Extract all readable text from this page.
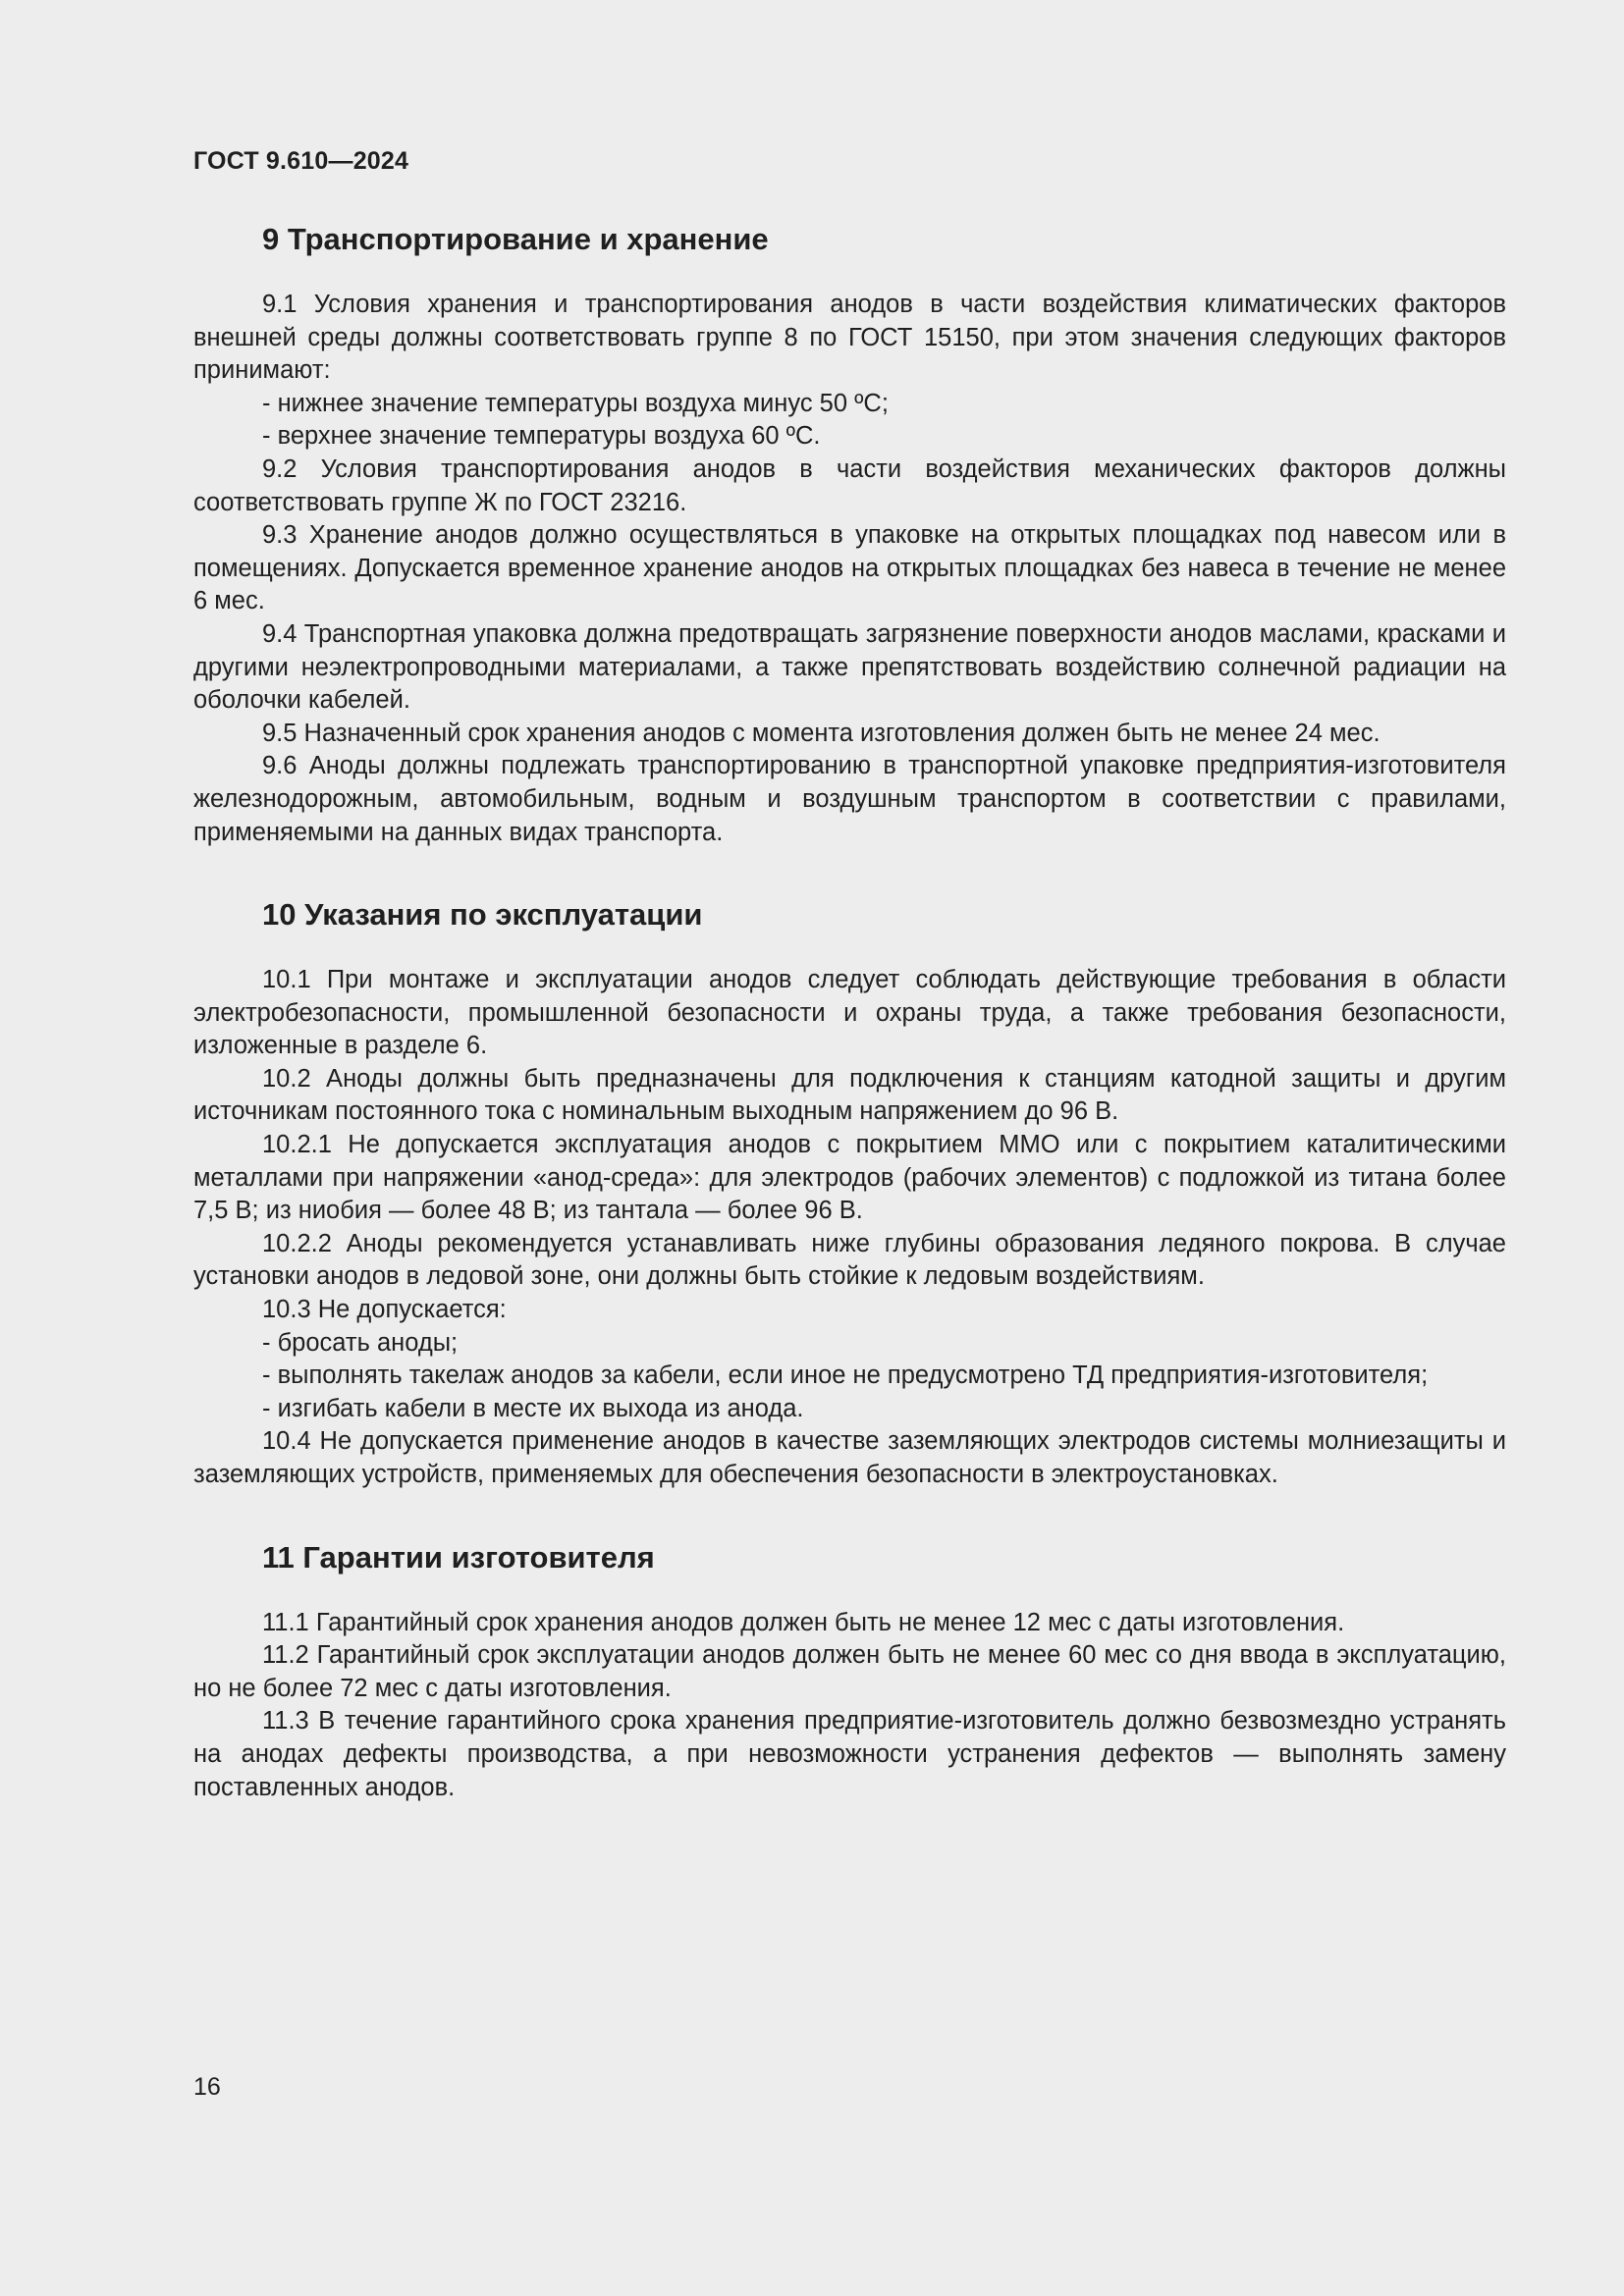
ГОСТ 9.610—2024
9 Транспортирование и хранение

9.1 Условия хранения и транспортирования анодов в части воздействия климатических факторов внешней среды должны соответствовать группе 8 по ГОСТ 15150, при этом значения следующих факторов принимают:

- нижнее значение температуры воздуха минус 50 ºС;

- верхнее значение температуры воздуха 60 ºС.

9.2 Условия транспортирования анодов в части воздействия механических факторов должны соответствовать группе Ж по ГОСТ 23216.

9.3 Хранение анодов должно осуществляться в упаковке на открытых площадках под навесом или в помещениях. Допускается временное хранение анодов на открытых площадках без навеса в течение не менее 6 мес.

9.4 Транспортная упаковка должна предотвращать загрязнение поверхности анодов маслами, красками и другими неэлектропроводными материалами, а также препятствовать воздействию солнечной радиации на оболочки кабелей.

9.5 Назначенный срок хранения анодов с момента изготовления должен быть не менее 24 мес.

9.6 Аноды должны подлежать транспортированию в транспортной упаковке предприятия-изготовителя железнодорожным, автомобильным, водным и воздушным транспортом в соответствии с правилами, применяемыми на данных видах транспорта.

10 Указания по эксплуатации

10.1 При монтаже и эксплуатации анодов следует соблюдать действующие требования в области электробезопасности, промышленной безопасности и охраны труда, а также требования безопасности, изложенные в разделе 6.

10.2 Аноды должны быть предназначены для подключения к станциям катодной защиты и другим источникам постоянного тока с номинальным выходным напряжением до 96 В.

10.2.1 Не допускается эксплуатация анодов с покрытием ММО или с покрытием каталитическими металлами при напряжении «анод-среда»: для электродов (рабочих элементов) с подложкой из титана более 7,5 В; из ниобия — более 48 В; из тантала — более 96 В.

10.2.2 Аноды рекомендуется устанавливать ниже глубины образования ледяного покрова. В случае установки анодов в ледовой зоне, они должны быть стойкие к ледовым воздействиям.

10.3 Не допускается:

- бросать аноды;

- выполнять такелаж анодов за кабели, если иное не предусмотрено ТД предприятия-изготовителя;

- изгибать кабели в месте их выхода из анода.

10.4 Не допускается применение анодов в качестве заземляющих электродов системы молниезащиты и заземляющих устройств, применяемых для обеспечения безопасности в электроустановках.

11 Гарантии изготовителя

11.1 Гарантийный срок хранения анодов должен быть не менее 12 мес с даты изготовления.

11.2 Гарантийный срок эксплуатации анодов должен быть не менее 60 мес со дня ввода в эксплуатацию, но не более 72 мес с даты изготовления.

11.3 В течение гарантийного срока хранения предприятие-изготовитель должно безвозмездно устранять на анодах дефекты производства, а при невозможности устранения дефектов — выполнять замену поставленных анодов.

16
